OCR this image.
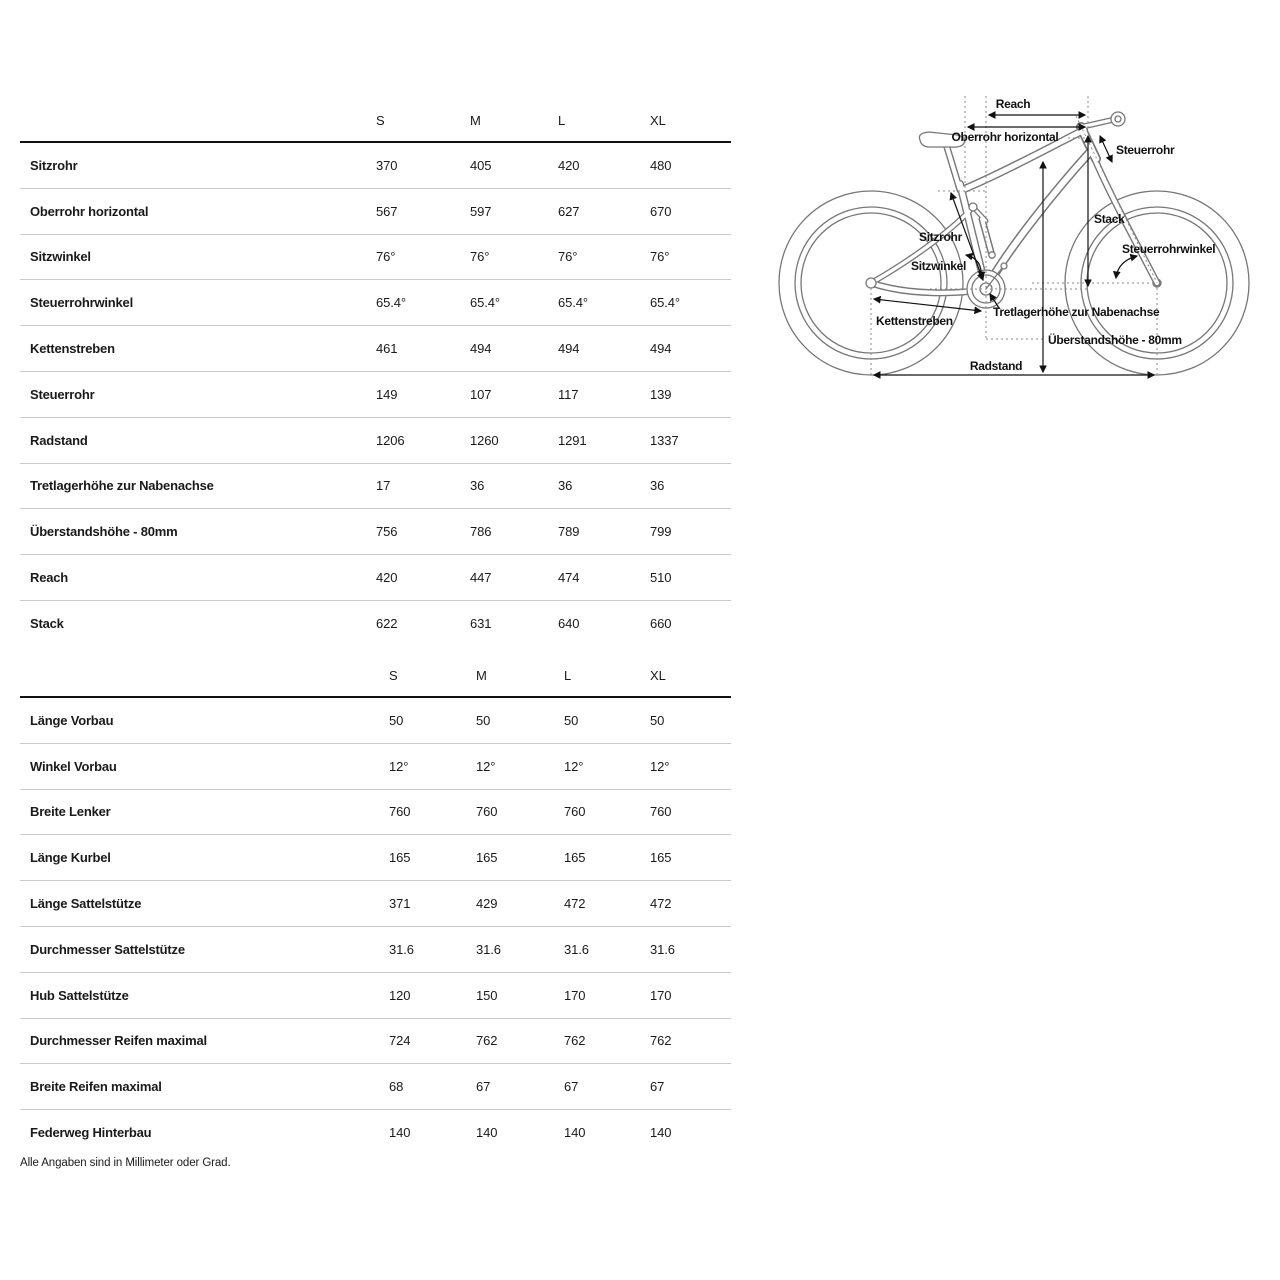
S	M	L	XL
Sitzrohr	370	405	420	480
Oberrohr horizontal	567	597	627	670
Sitzwinkel	76°	76°	76°	76°
Steuerrohrwinkel	65.4°	65.4°	65.4°	65.4°
Kettenstreben	461	494	494	494
Steuerrohr	149	107	117	139
Radstand	1206	1260	1291	1337
Tretlagerhöhe zur Nabenachse	17	36	36	36
Überstandshöhe - 80mm	756	786	789	799
Reach	420	447	474	510
Stack	622	631	640	660
S	M	L	XL
Länge Vorbau	50	50	50	50
Winkel Vorbau	12°	12°	12°	12°
Breite Lenker	760	760	760	760
Länge Kurbel	165	165	165	165
Länge Sattelstütze	371	429	472	472
Durchmesser Sattelstütze	31.6	31.6	31.6	31.6
Hub Sattelstütze	120	150	170	170
Durchmesser Reifen maximal	724	762	762	762
Breite Reifen maximal	68	67	67	67
Federweg Hinterbau	140	140	140	140
Alle Angaben sind in Millimeter oder Grad.
Reach
Oberrohr horizontal
Steuerrohr
Stack
Sitzrohr
Sitzwinkel
Steuerrohrwinkel
Kettenstreben
Tretlagerhöhe zur Nabenachse
Überstandshöhe - 80mm
Radstand
